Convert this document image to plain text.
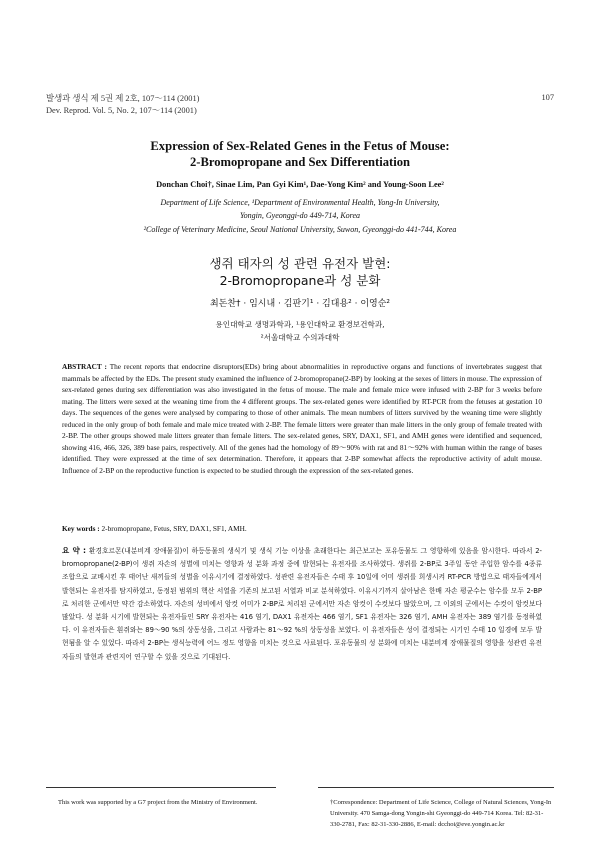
발생과 생식 제 5권 제 2호, 107～114 (2001)
Dev. Reprod. Vol. 5, No. 2, 107～114 (2001)
107
Expression of Sex-Related Genes in the Fetus of Mouse:
2-Bromopropane and Sex Differentiation
Donchan Choi†, Sinae Lim, Pan Gyi Kim¹, Dae-Yong Kim² and Young-Soon Lee²
Department of Life Science, ¹Department of Environmental Health, Yong-In University,
Yongin, Gyeonggi-do 449-714, Korea
²College of Veterinary Medicine, Seoul National University, Suwon, Gyeonggi-do 441-744, Korea
생쥐 태자의 성 관련 유전자 발현:
2-Bromopropane과 성 분화
최돈찬† · 임시내 · 김판기¹ · 김대용² · 이영순²
용인대학교 생명과학과, ¹용인대학교 환경보건학과,
²서울대학교 수의과대학
ABSTRACT : The recent reports that endocrine disruptors(EDs) bring about abnormalities in reproductive organs and functions of invertebrates suggest that mammals be affected by the EDs. The present study examined the influence of 2-bromopropane(2-BP) by looking at the sexes of litters in mouse. The expression of sex-related genes during sex differentiation was also investigated in the fetus of mouse. The male and female mice were infused with 2-BP for 3 weeks before mating. The litters were sexed at the weaning time from the 4 different groups. The sex-related genes were identified by RT-PCR from the fetuses at gestation 10 days. The sequences of the genes were analysed by comparing to those of other animals. The mean numbers of litters survived by the weaning time were slightly reduced in the only group of both female and male mice treated with 2-BP. The female litters were greater than male litters in the only group of female treated with 2-BP. The other groups showed male litters greater than female litters. The sex-related genes, SRY, DAX1, SF1, and AMH genes were identified and sequenced, showing 416, 466, 326, 389 base pairs, respectively. All of the genes had the homology of 89～90% with rat and 81～92% with human within the range of bases identified. They were expressed at the time of sex determination. Therefore, it appears that 2-BP somewhat affects the reproductive activity of adult mouse. Influence of 2-BP on the reproductive function is expected to be studied through the expression of the sex-related genes.
Key words : 2-bromopropane, Fetus, SRY, DAX1, SF1, AMH.
요 약 : 환경호르몬(내분비계 장애물질)이 하등동물의 생식기 및 생식 기능 이상을 초래한다는 최근보고는 포유동물도 그 영향하에 있음을 암시한다. 따라서 2-bromopropane(2-BP)이 생쥐 자손의 성별에 미치는 영향과 성 분화 과정 중에 발현되는 유전자를 조사하였다. 생쥐를 2-BP로 3주일 동안 주입한 암수를 4종류 조합으로 교배시킨 후 태어난 새끼들의 성별을 이유시기에 결정하였다. 성관련 유전자들은 수태 후 10일에 어미 생쥐를 희생시켜 RT-PCR 방법으로 태자들에게서 발현되는 유전자를 탐지하였고, 동정된 범위의 핵산 서열을 기존의 보고된 서열과 비교 분석하였다. 이유시기까지 살아남은 한배 자손 평균수는 암수를 모두 2-BP로 처리한 군에서만 약간 감소하였다. 자손의 성비에서 암컷 어미가 2-BP로 처리된 군에서만 자손 암컷이 수컷보다 많았으며, 그 이외의 군에서는 수컷이 암컷보다 많았다. 성 분화 시기에 발현되는 유전자들인 SRY 유전자는 416 염기, DAX1 유전자는 466 염기, SF1 유전자는 326 염기, AMH 유전자는 389 염기를 동정하였다. 이 유전자들은 흰쥐와는 89～90 %의 상동성을, 그리고 사람과는 81～92 %의 상동성을 보였다. 이 유전자들은 성이 결정되는 시기인 수태 10 일경에 모두 발현됨을 알 수 있었다. 따라서 2-BP는 생식능력에 어느 정도 영향을 미치는 것으로 사료된다. 포유동물의 성 분화에 미치는 내분비계 장애물질의 영향을 성관련 유전자들의 발현과 관련지어 연구할 수 있을 것으로 기대된다.
This work was supported by a G7 project from the Ministry of Environment.	†Correspondence: Department of Life Science, College of Natural Sciences, Yong-In University. 470 Samga-dong Yongin-shi Gyeonggi-do 449-714 Korea. Tel: 82-31-330-2781, Fax: 82-31-330-2886, E-mail: dcchoi@eve.yongin.ac.kr
